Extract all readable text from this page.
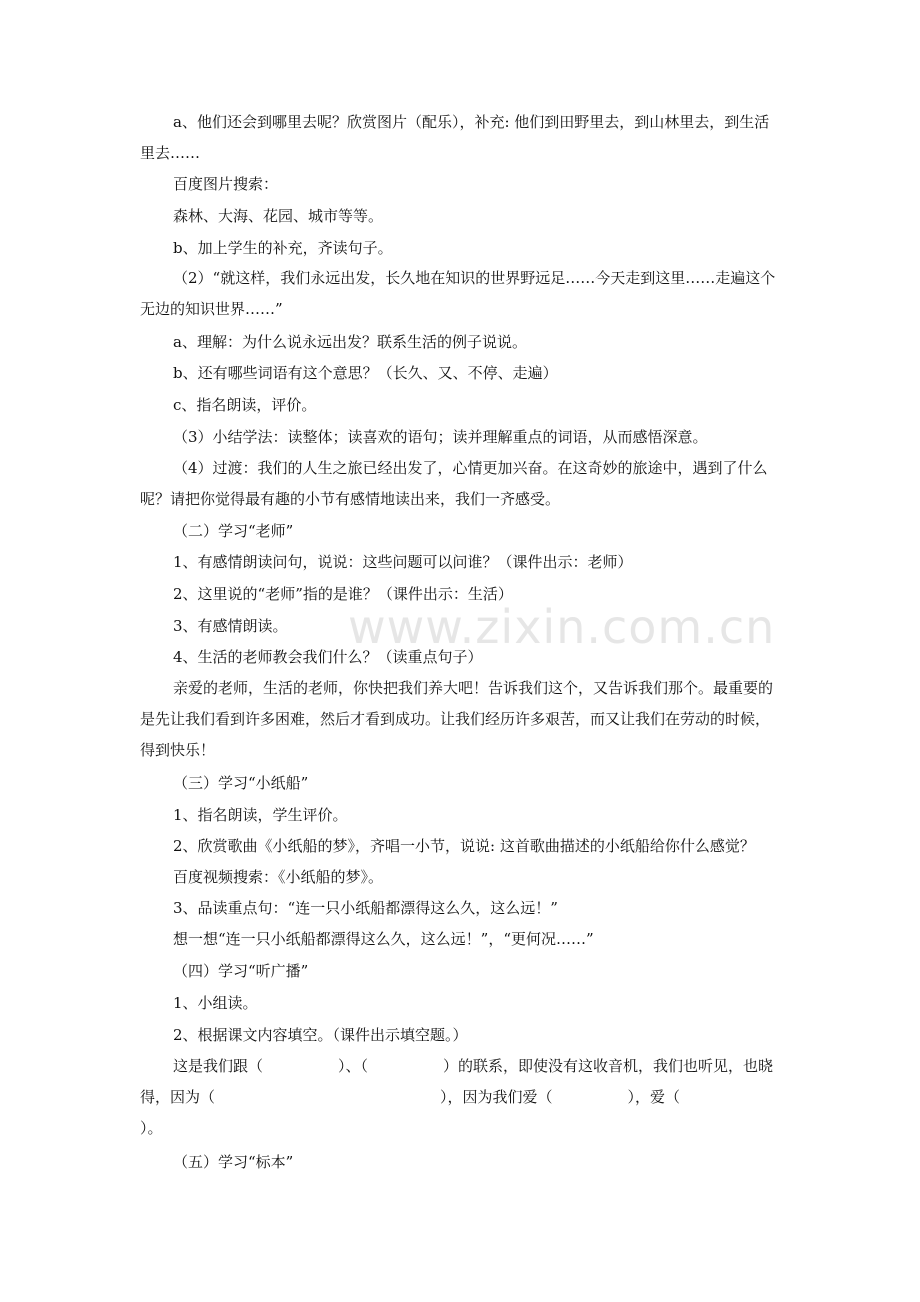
www.zixin.com.cn

a、他们还会到哪里去呢？欣赏图片（配乐），补充: 他们到田野里去，到山林里去，到生活里去……

百度图片搜索：

森林、大海、花园、城市等等。

b、加上学生的补充，齐读句子。

（2）“就这样，我们永远出发，长久地在知识的世界野远足……今天走到这里……走遍这个无边的知识世界……”

a、理解：为什么说永远出发？联系生活的例子说说。

b、还有哪些词语有这个意思？（长久、又、不停、走遍）

c、指名朗读，评价。

（3）小结学法：读整体；读喜欢的语句；读并理解重点的词语，从而感悟深意。

（4）过渡：我们的人生之旅已经出发了，心情更加兴奋。在这奇妙的旅途中，遇到了什么呢？请把你觉得最有趣的小节有感情地读出来，我们一齐感受。

（二）学习“老师”

1、有感情朗读问句，说说：这些问题可以问谁？（课件出示：老师）

2、这里说的“老师”指的是谁？（课件出示：生活）

3、有感情朗读。

4、生活的老师教会我们什么？（读重点句子）

亲爱的老师，生活的老师，你快把我们养大吧！告诉我们这个，又告诉我们那个。最重要的是先让我们看到许多困难，然后才看到成功。让我们经历许多艰苦，而又让我们在劳动的时候，得到快乐！

（三）学习“小纸船”

1、指名朗读，学生评价。

2、欣赏歌曲《小纸船的梦》，齐唱一小节，说说: 这首歌曲描述的小纸船给你什么感觉？

百度视频搜索：《小纸船的梦》。

3、品读重点句：“连一只小纸船都漂得这么久，这么远！”

想一想“连一只小纸船都漂得这么久，这么远！”，“更何况……”

（四）学习“听广播”

1、小组读。

2、根据课文内容填空。（课件出示填空题。）

这是我们跟（　　　　　）、（　　　　　）的联系，即使没有这收音机，我们也听见，也晓得，因为（　　　　　　　　　　　　　　　），因为我们爱（　　　　　），爱（　　　　　　）。

（五）学习“标本”
